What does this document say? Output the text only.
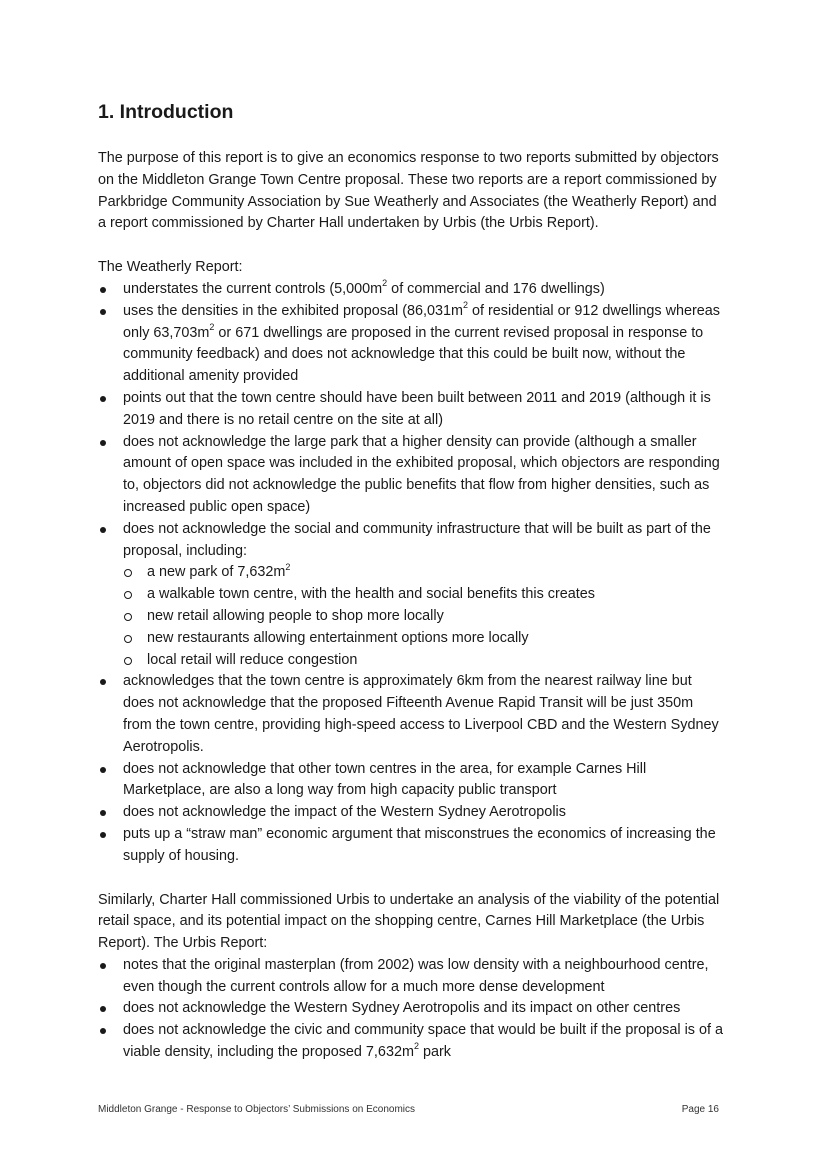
1. Introduction

The purpose of this report is to give an economics response to two reports submitted by objectors on the Middleton Grange Town Centre proposal. These two reports are a report commissioned by Parkbridge Community Association by Sue Weatherly and Associates (the Weatherly Report) and a report commissioned by Charter Hall undertaken by Urbis (the Urbis Report).

The Weatherly Report:

understates the current controls ($5,000m^2$ of commercial and 176 dwellings)
uses the densities in the exhibited proposal ($86,031m^2$ of residential or 912 dwellings whereas only $63,703m^2$ or 671 dwellings are proposed in the current revised proposal in response to community feedback) and does not acknowledge that this could be built now, without the additional amenity provided
points out that the town centre should have been built between 2011 and 2019 (although it is 2019 and there is no retail centre on the site at all)
does not acknowledge the large park that a higher density can provide (although a smaller amount of open space was included in the exhibited proposal, which objectors are responding to, objectors did not acknowledge the public benefits that flow from higher densities, such as increased public open space)
does not acknowledge the social and community infrastructure that will be built as part of the proposal, including:
a new park of $7,632m^2$
a walkable town centre, with the health and social benefits this creates
new retail allowing people to shop more locally
new restaurants allowing entertainment options more locally
local retail will reduce congestion
acknowledges that the town centre is approximately 6km from the nearest railway line but does not acknowledge that the proposed Fifteenth Avenue Rapid Transit will be just 350m from the town centre, providing high-speed access to Liverpool CBD and the Western Sydney Aerotropolis.
does not acknowledge that other town centres in the area, for example Carnes Hill Marketplace, are also a long way from high capacity public transport
does not acknowledge the impact of the Western Sydney Aerotropolis
puts up a “straw man” economic argument that misconstrues the economics of increasing the supply of housing.

Similarly, Charter Hall commissioned Urbis to undertake an analysis of the viability of the potential retail space, and its potential impact on the shopping centre, Carnes Hill Marketplace (the Urbis Report). The Urbis Report:

notes that the original masterplan (from 2002) was low density with a neighbourhood centre, even though the current controls allow for a much more dense development
does not acknowledge the Western Sydney Aerotropolis and its impact on other centres
does not acknowledge the civic and community space that would be built if the proposal is of a viable density, including the proposed $7,632m^2$ park
Middleton Grange - Response to Objectors’ Submissions on Economics	Page 16
